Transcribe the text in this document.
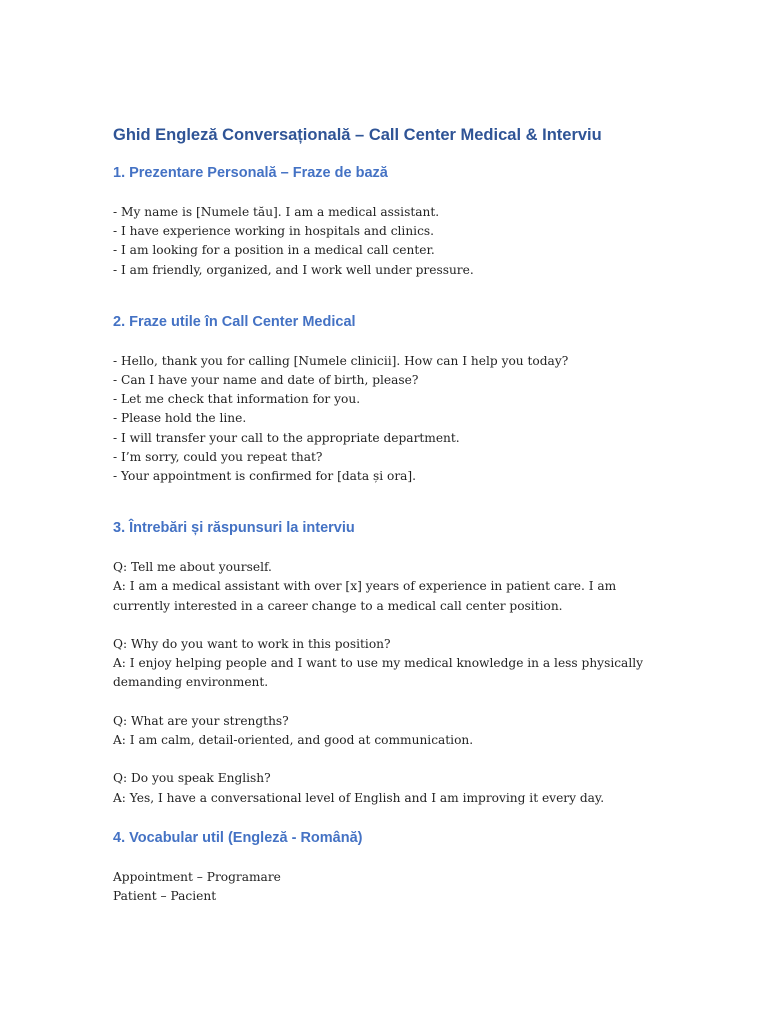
Ghid Engleză Conversațională – Call Center Medical & Interviu
1. Prezentare Personală – Fraze de bază

- My name is [Numele tău]. I am a medical assistant.

- I have experience working in hospitals and clinics.

- I am looking for a position in a medical call center.

- I am friendly, organized, and I work well under pressure.

2. Fraze utile în Call Center Medical

- Hello, thank you for calling [Numele clinicii]. How can I help you today?

- Can I have your name and date of birth, please?

- Let me check that information for you.

- Please hold the line.

- I will transfer your call to the appropriate department.

- I’m sorry, could you repeat that?

- Your appointment is confirmed for [data și ora].

3. Întrebări și răspunsuri la interviu

Q: Tell me about yourself.

A: I am a medical assistant with over [x] years of experience in patient care. I am currently interested in a career change to a medical call center position.

Q: Why do you want to work in this position?

A: I enjoy helping people and I want to use my medical knowledge in a less physically demanding environment.

Q: What are your strengths?

A: I am calm, detail-oriented, and good at communication.

Q: Do you speak English?

A: Yes, I have a conversational level of English and I am improving it every day.

4. Vocabular util (Engleză - Română)

Appointment – Programare

Patient – Pacient
